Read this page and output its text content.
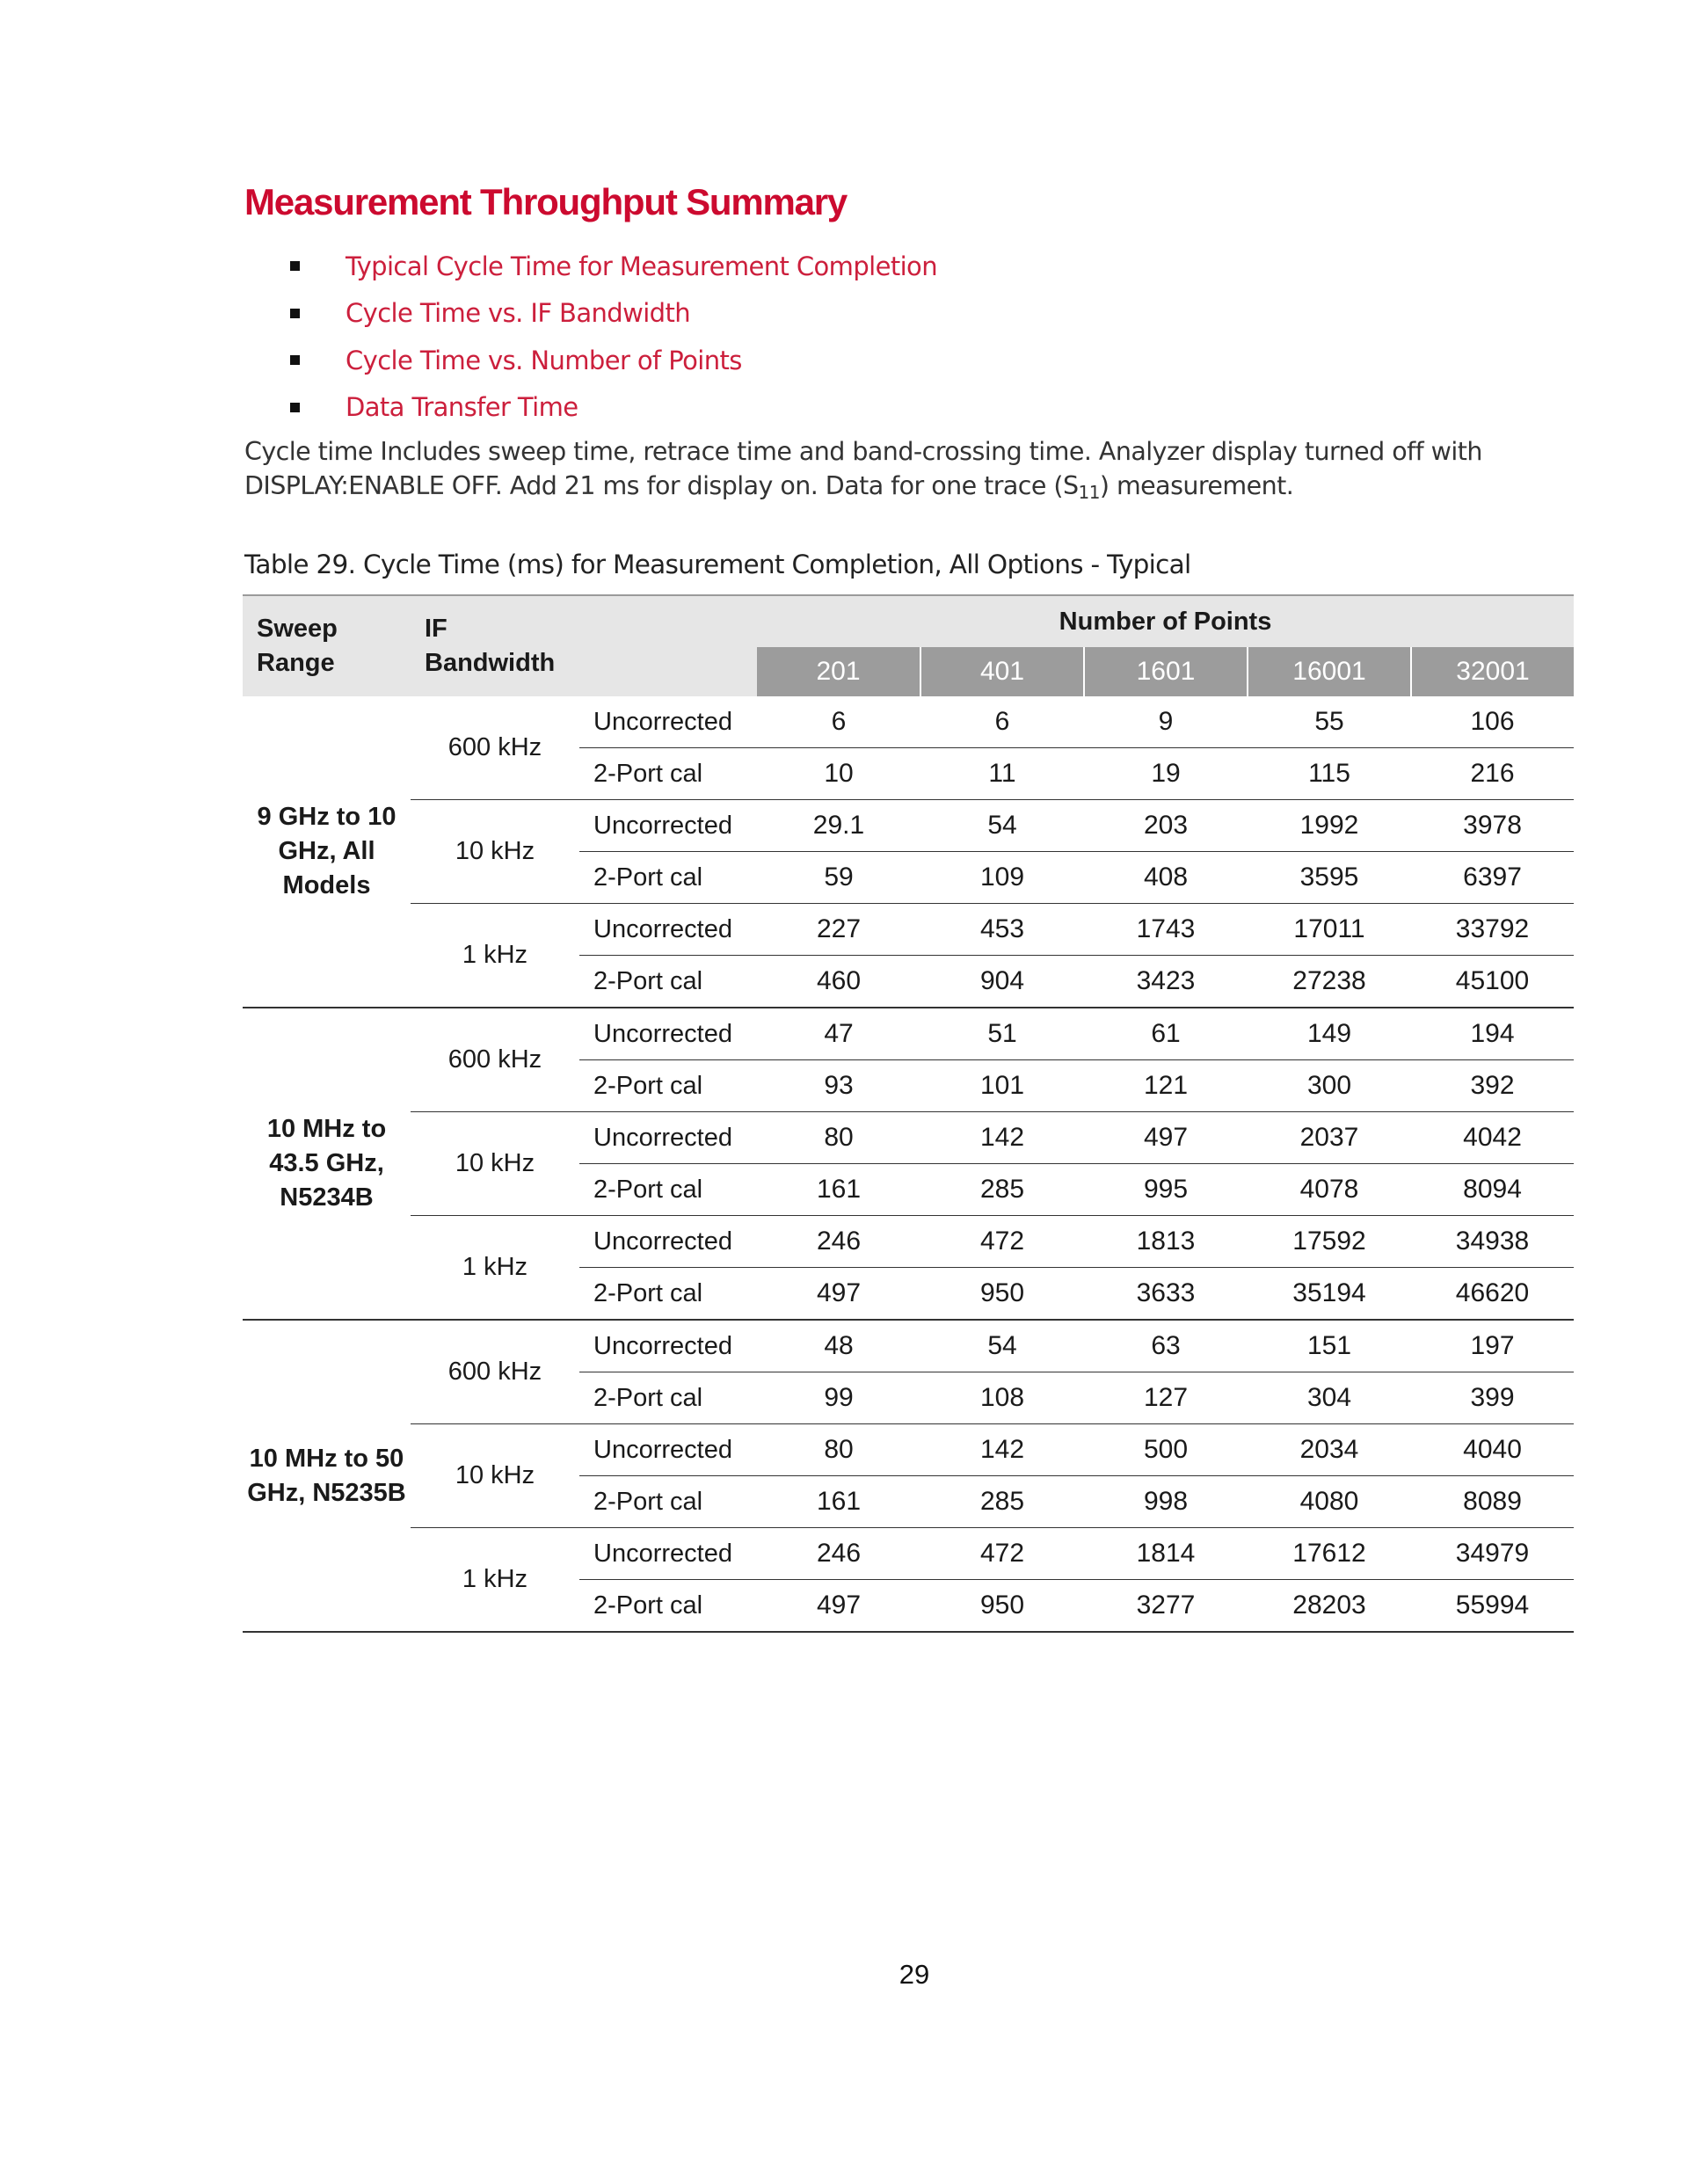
Measurement Throughput Summary
Typical Cycle Time for Measurement Completion
Cycle Time vs. IF Bandwidth
Cycle Time vs. Number of Points
Data Transfer Time

Cycle time Includes sweep time, retrace time and band-crossing time. Analyzer display turned off with DISPLAY:ENABLE OFF. Add 21 ms for display on. Data for one trace $(S_{11})$ measurement.

Table 29. Cycle Time (ms) for Measurement Completion, All Options - Typical

Sweep Range	IF Bandwidth		Number of Points				
			201	401	1601	16001	32001
9 GHz to 10 GHz, All Models	600 kHz	Uncorrected	6	6	9	55	106
		2-Port cal	10	11	19	115	216
	10 kHz	Uncorrected	29.1	54	203	1992	3978
		2-Port cal	59	109	408	3595	6397
	1 kHz	Uncorrected	227	453	1743	17011	33792
		2-Port cal	460	904	3423	27238	45100
10 MHz to 43.5 GHz, N5234B	600 kHz	Uncorrected	47	51	61	149	194
		2-Port cal	93	101	121	300	392
	10 kHz	Uncorrected	80	142	497	2037	4042
		2-Port cal	161	285	995	4078	8094
	1 kHz	Uncorrected	246	472	1813	17592	34938
		2-Port cal	497	950	3633	35194	46620
10 MHz to 50 GHz, N5235B	600 kHz	Uncorrected	48	54	63	151	197
		2-Port cal	99	108	127	304	399
	10 kHz	Uncorrected	80	142	500	2034	4040
		2-Port cal	161	285	998	4080	8089
	1 kHz	Uncorrected	246	472	1814	17612	34979
		2-Port cal	497	950	3277	28203	55994

29
